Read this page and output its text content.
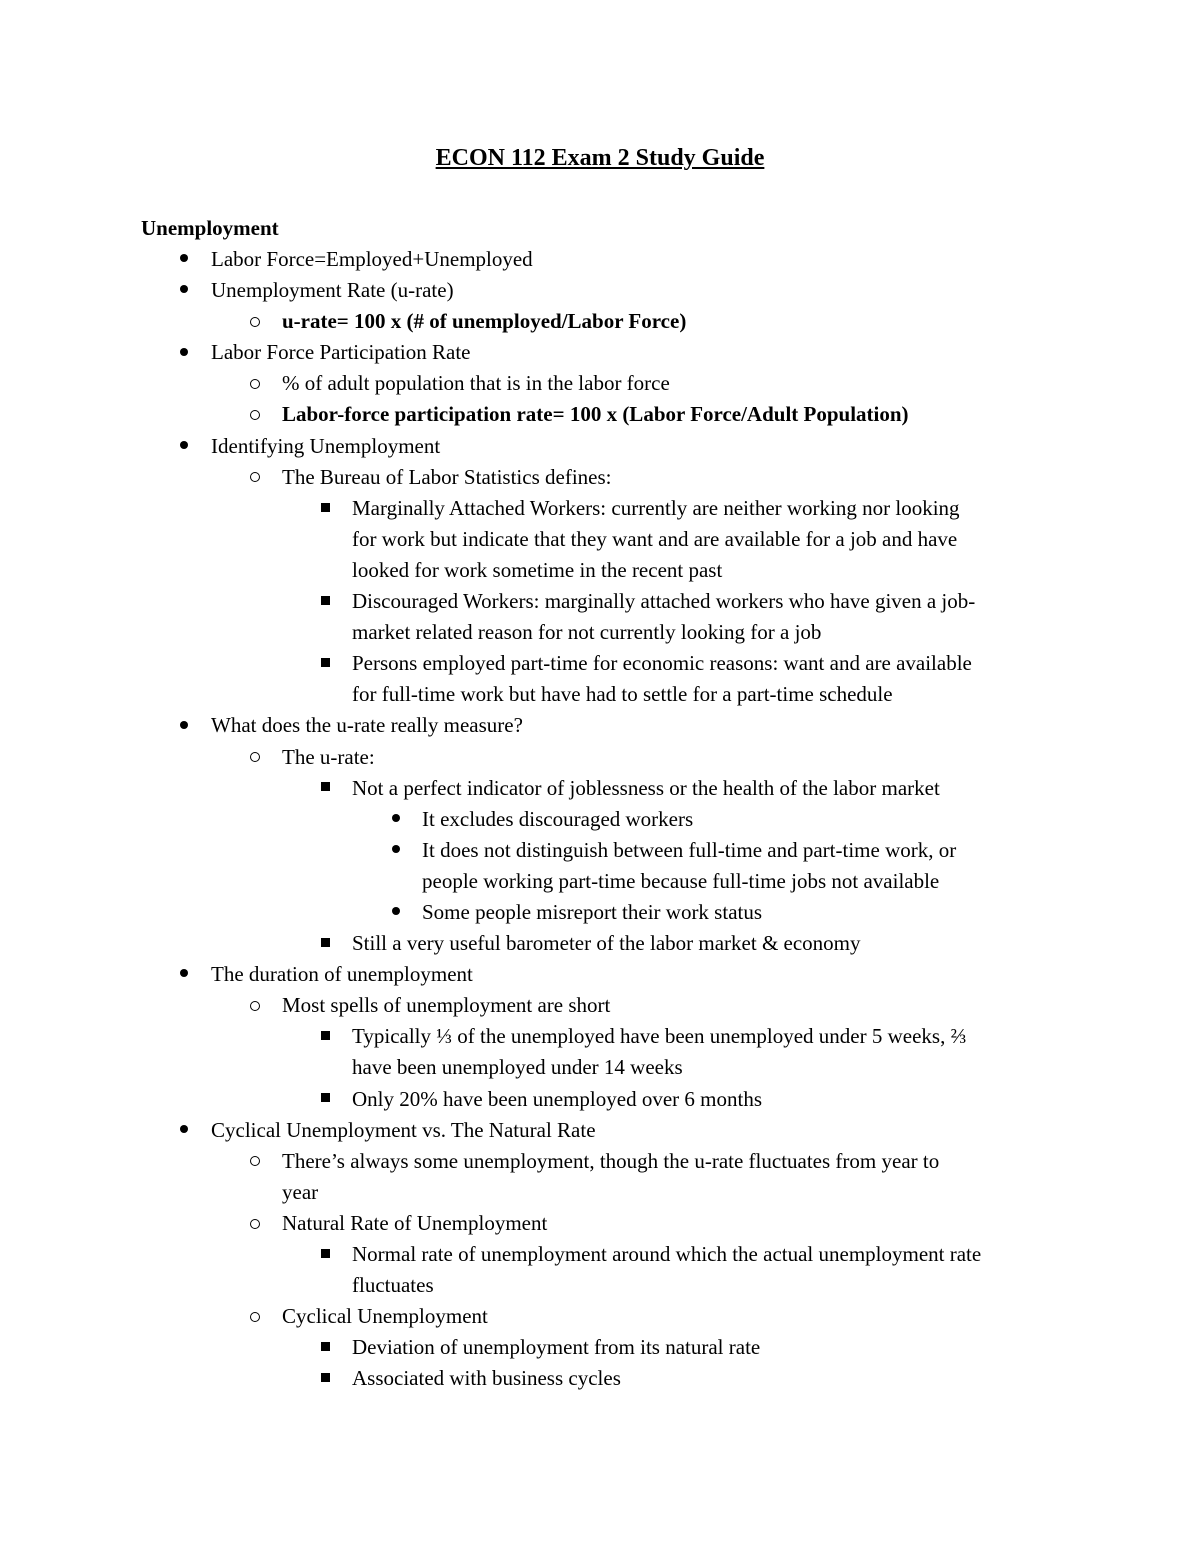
ECON 112 Exam 2 Study Guide
Unemployment
Labor Force=Employed+Unemployed
Unemployment Rate (u-rate)
u-rate= 100 x (# of unemployed/Labor Force)
Labor Force Participation Rate
% of adult population that is in the labor force
Labor-force participation rate= 100 x (Labor Force/Adult Population)
Identifying Unemployment
The Bureau of Labor Statistics defines:
Marginally Attached Workers: currently are neither working nor looking
for work but indicate that they want and are available for a job and have
looked for work sometime in the recent past
Discouraged Workers: marginally attached workers who have given a job-
market related reason for not currently looking for a job
Persons employed part-time for economic reasons: want and are available
for full-time work but have had to settle for a part-time schedule
What does the u-rate really measure?
The u-rate:
Not a perfect indicator of joblessness or the health of the labor market
It excludes discouraged workers
It does not distinguish between full-time and part-time work, or
people working part-time because full-time jobs not available
Some people misreport their work status
Still a very useful barometer of the labor market & economy
The duration of unemployment
Most spells of unemployment are short
Typically ⅓ of the unemployed have been unemployed under 5 weeks, ⅔
have been unemployed under 14 weeks
Only 20% have been unemployed over 6 months
Cyclical Unemployment vs. The Natural Rate
There’s always some unemployment, though the u-rate fluctuates from year to
year
Natural Rate of Unemployment
Normal rate of unemployment around which the actual unemployment rate
fluctuates
Cyclical Unemployment
Deviation of unemployment from its natural rate
Associated with business cycles
